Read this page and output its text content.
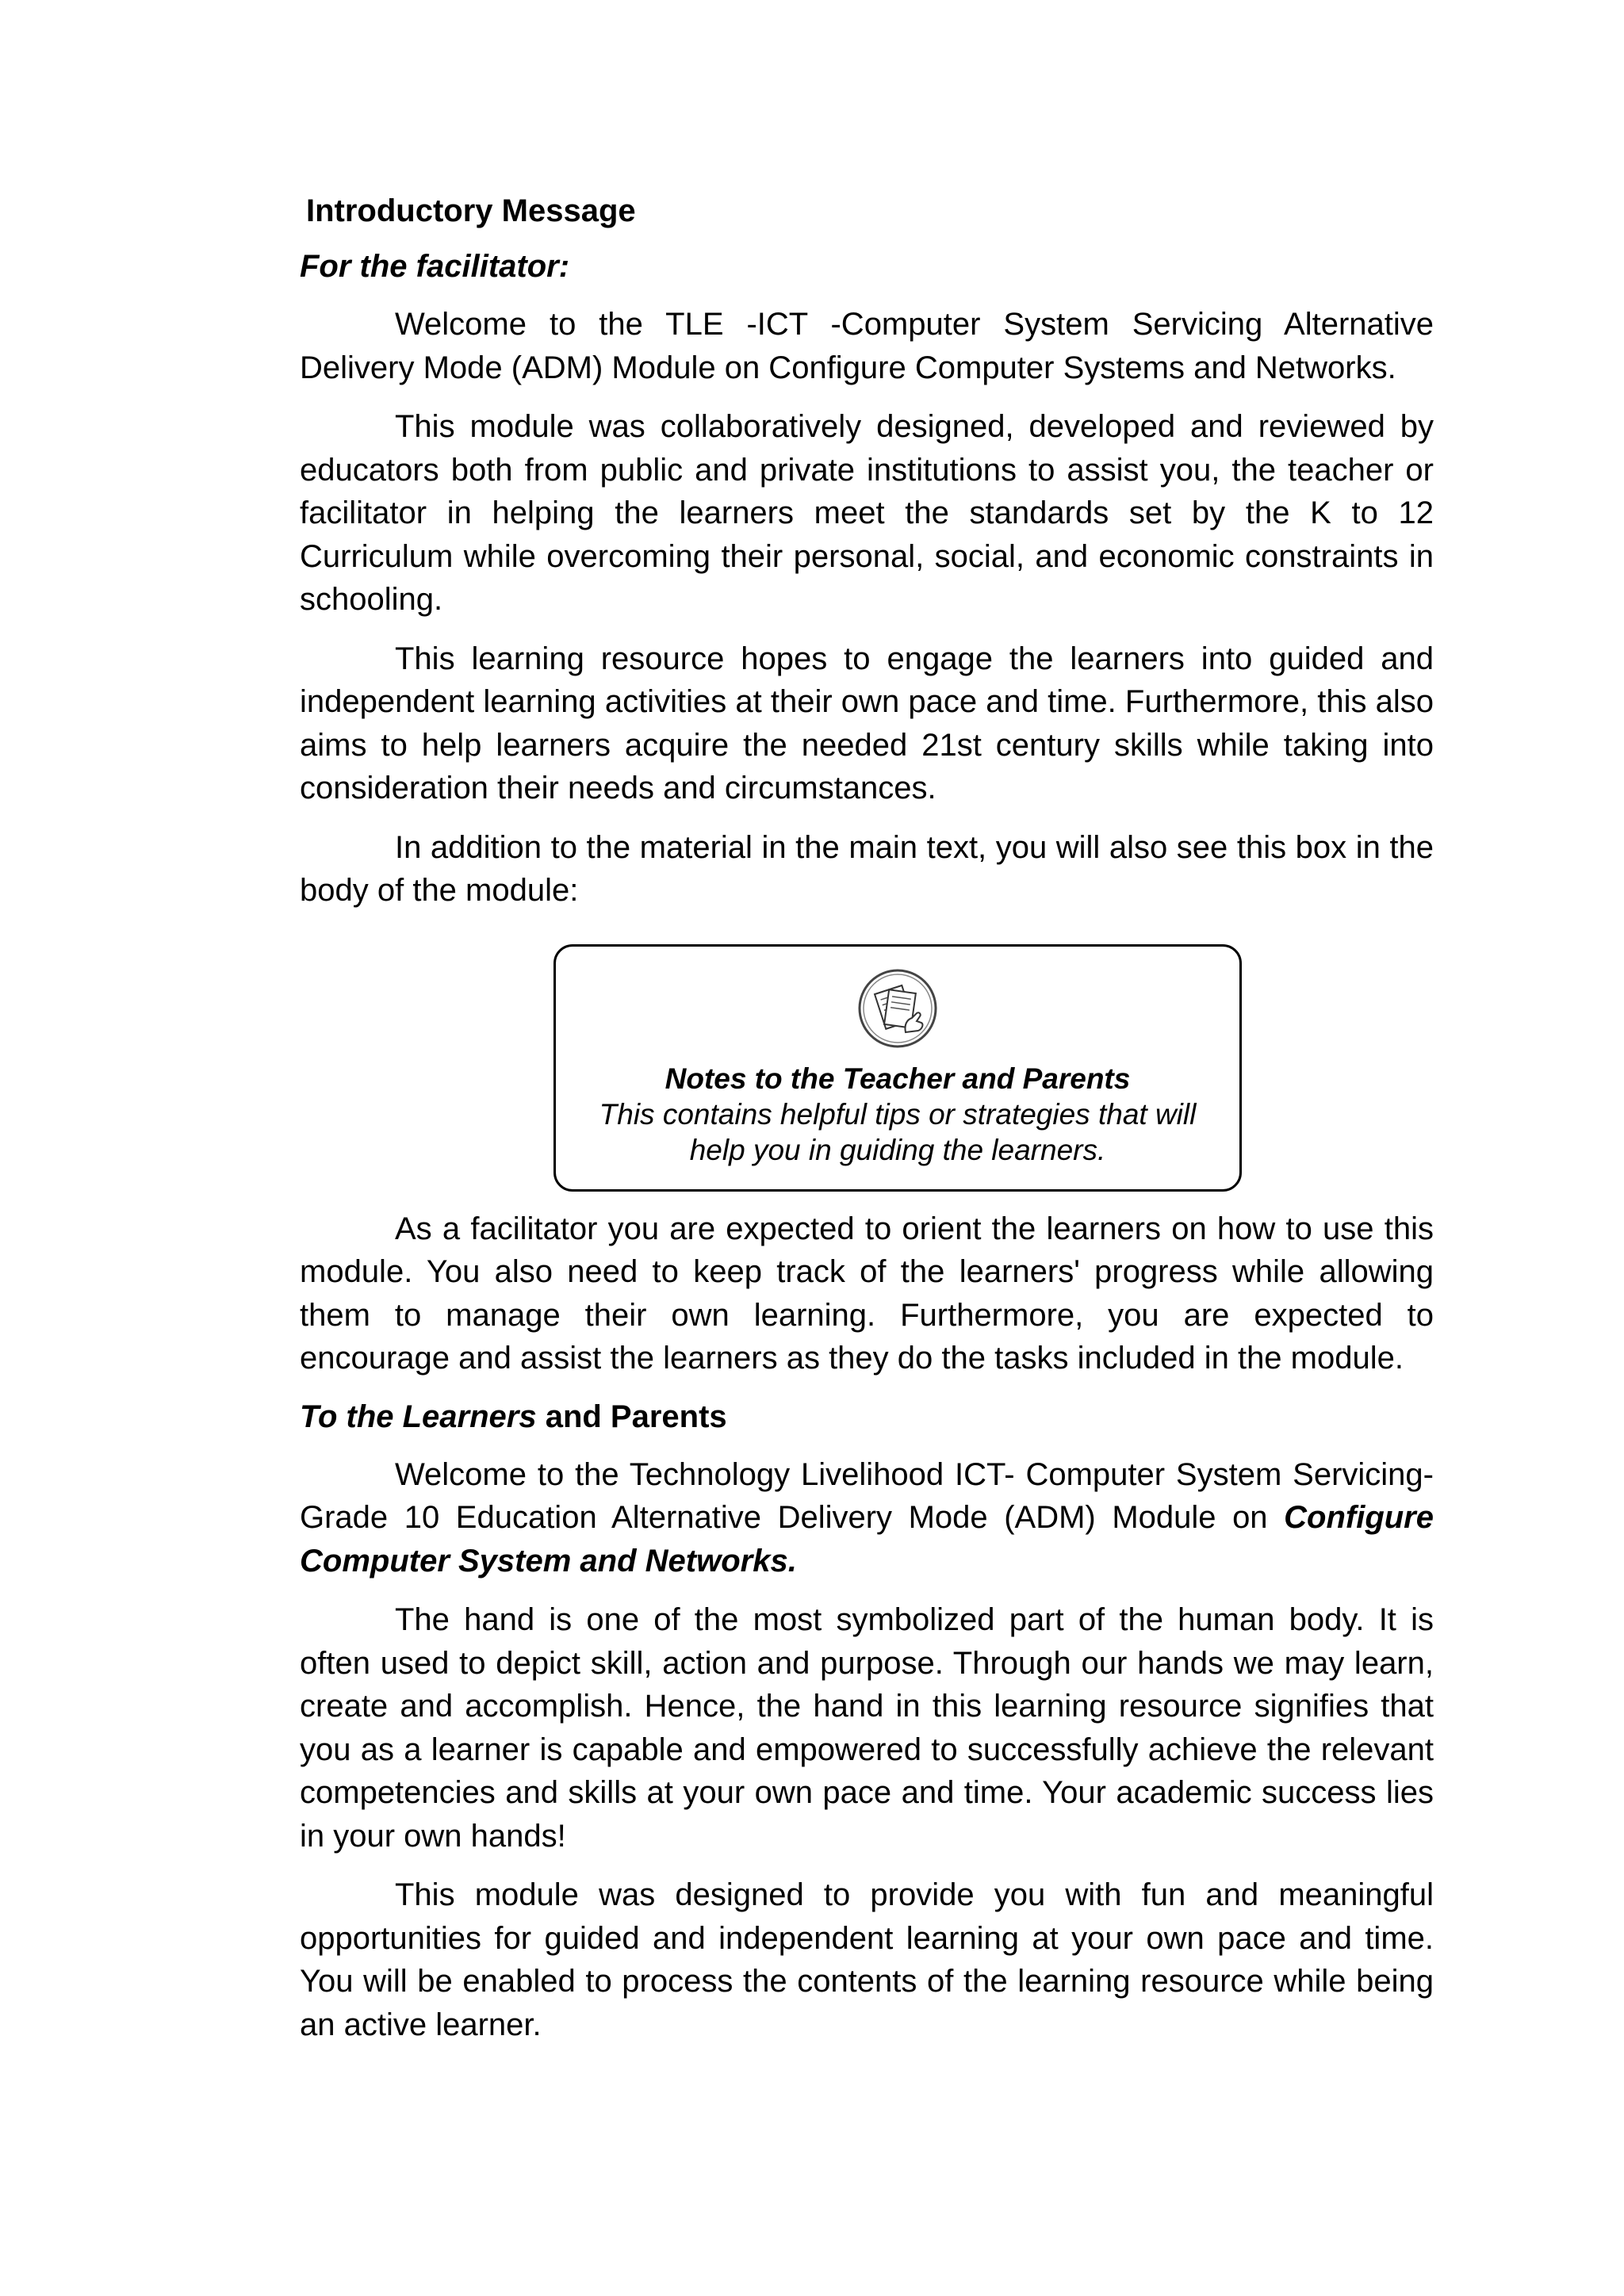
Introductory Message
For the facilitator:

Welcome to the TLE -ICT -Computer System Servicing Alternative Delivery Mode (ADM) Module on Configure Computer Systems and Networks.

This module was collaboratively designed, developed and reviewed by educators both from public and private institutions to assist you, the teacher or facilitator in helping the learners meet the standards set by the K to 12 Curriculum while overcoming their personal, social, and economic constraints in schooling.

This learning resource hopes to engage the learners into guided and independent learning activities at their own pace and time. Furthermore, this also aims to help learners acquire the needed 21st century skills while taking into consideration their needs and circumstances.

In addition to the material in the main text, you will also see this box in the body of the module:

Notes to the Teacher and Parents
This contains helpful tips or strategies that will help you in guiding the learners.

As a facilitator you are expected to orient the learners on how to use this module. You also need to keep track of the learners' progress while allowing them to manage their own learning. Furthermore, you are expected to encourage and assist the learners as they do the tasks included in the module.

To the Learners and Parents

Welcome to the Technology Livelihood ICT- Computer System Servicing- Grade 10 Education Alternative Delivery Mode (ADM) Module on Configure Computer System and Networks.

The hand is one of the most symbolized part of the human body. It is often used to depict skill, action and purpose. Through our hands we may learn, create and accomplish. Hence, the hand in this learning resource signifies that you as a learner is capable and empowered to successfully achieve the relevant competencies and skills at your own pace and time. Your academic success lies in your own hands!

This module was designed to provide you with fun and meaningful opportunities for guided and independent learning at your own pace and time. You will be enabled to process the contents of the learning resource while being an active learner.
